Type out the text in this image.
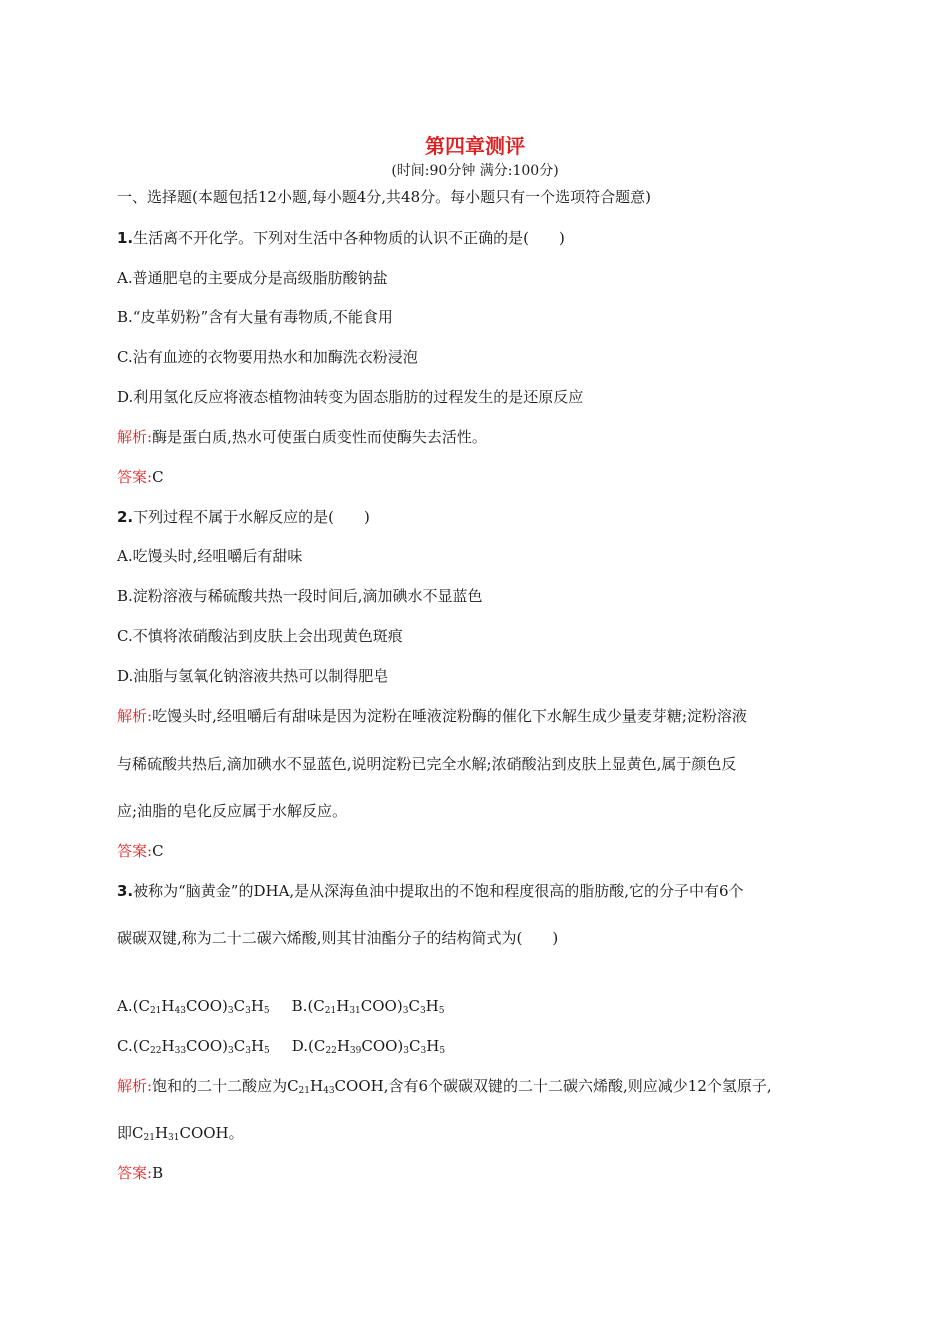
第四章测评
(时间:90分钟 满分:100分)
一、选择题(本题包括12小题,每小题4分,共48分。每小题只有一个选项符合题意)
1.生活离不开化学。下列对生活中各种物质的认识不正确的是(　　)
A.普通肥皂的主要成分是高级脂肪酸钠盐
B.“皮革奶粉”含有大量有毒物质,不能食用
C.沾有血迹的衣物要用热水和加酶洗衣粉浸泡
D.利用氢化反应将液态植物油转变为固态脂肪的过程发生的是还原反应
解析:酶是蛋白质,热水可使蛋白质变性而使酶失去活性。
答案:C
2.下列过程不属于水解反应的是(　　)
A.吃馒头时,经咀嚼后有甜味
B.淀粉溶液与稀硫酸共热一段时间后,滴加碘水不显蓝色
C.不慎将浓硝酸沾到皮肤上会出现黄色斑痕
D.油脂与氢氧化钠溶液共热可以制得肥皂
解析:吃馒头时,经咀嚼后有甜味是因为淀粉在唾液淀粉酶的催化下水解生成少量麦芽糖;淀粉溶液
与稀硫酸共热后,滴加碘水不显蓝色,说明淀粉已完全水解;浓硝酸沾到皮肤上显黄色,属于颜色反
应;油脂的皂化反应属于水解反应。
答案:C
3.被称为“脑黄金”的DHA,是从深海鱼油中提取出的不饱和程度很高的脂肪酸,它的分子中有6个
碳碳双键,称为二十二碳六烯酸,则其甘油酯分子的结构简式为(　　)
$A.(C_{21}H_{43}COO)_3C_3H_5$ $B.(C_{21}H_{31}COO)_3C_3H_5$
$C.(C_{22}H_{33}COO)_3C_3H_5$ $D.(C_{22}H_{39}COO)_3C_3H_5$
解析:饱和的二十二酸应为$C_{21}H_{43}COOH$,含有6个碳碳双键的二十二碳六烯酸,则应减少12个氢原子,
即$C_{21}H_{31}COOH$。
答案:B
